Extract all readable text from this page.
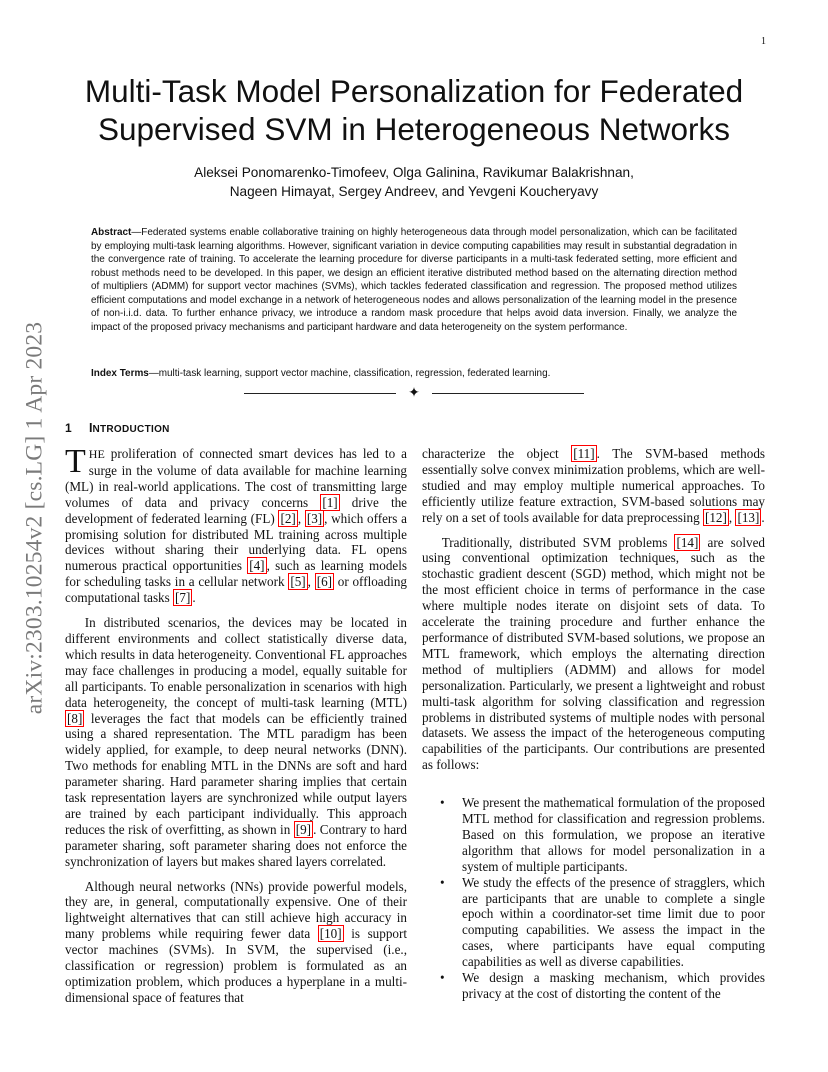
1
arXiv:2303.10254v2 [cs.LG] 1 Apr 2023
Multi-Task Model Personalization for Federated
Supervised SVM in Heterogeneous Networks
Aleksei Ponomarenko-Timofeev, Olga Galinina, Ravikumar Balakrishnan,
Nageen Himayat, Sergey Andreev, and Yevgeni Koucheryavy

Abstract—Federated systems enable collaborative training on highly heterogeneous data through model personalization, which can be facilitated by employing multi-task learning algorithms. However, significant variation in device computing capabilities may result in substantial degradation in the convergence rate of training. To accelerate the learning procedure for diverse participants in a multi-task federated setting, more efficient and robust methods need to be developed. In this paper, we design an efficient iterative distributed method based on the alternating direction method of multipliers (ADMM) for support vector machines (SVMs), which tackles federated classification and regression. The proposed method utilizes efficient computations and model exchange in a network of heterogeneous nodes and allows personalization of the learning model in the presence of non-i.i.d. data. To further enhance privacy, we introduce a random mask procedure that helps avoid data inversion. Finally, we analyze the impact of the proposed privacy mechanisms and participant hardware and data heterogeneity on the system performance.

Index Terms—multi-task learning, support vector machine, classification, regression, federated learning.

✦
1 INTRODUCTION

THE proliferation of connected smart devices has led to a surge in the volume of data available for machine learning (ML) in real-world applications. The cost of transmitting large volumes of data and privacy concerns [1] drive the development of federated learning (FL) [2] , [3] , which offers a promising solution for distributed ML training across multiple devices without sharing their underlying data. FL opens numerous practical opportunities [4] , such as learning models for scheduling tasks in a cellular network [5] , [6] or offloading computational tasks [7] .

In distributed scenarios, the devices may be located in different environments and collect statistically diverse data, which results in data heterogeneity. Conventional FL approaches may face challenges in producing a model, equally suitable for all participants. To enable personalization in scenarios with high data heterogeneity, the concept of multi-task learning (MTL) [8] leverages the fact that models can be efficiently trained using a shared representation. The MTL paradigm has been widely applied, for example, to deep neural networks (DNN). Two methods for enabling MTL in the DNNs are soft and hard parameter sharing. Hard parameter sharing implies that certain task representation layers are synchronized while output layers are trained by each participant individually. This approach reduces the risk of overfitting, as shown in [9] . Contrary to hard parameter sharing, soft parameter sharing does not enforce the synchronization of layers but makes shared layers correlated.

Although neural networks (NNs) provide powerful models, they are, in general, computationally expensive. One of their lightweight alternatives that can still achieve high accuracy in many problems while requiring fewer data [10] is support vector machines (SVMs). In SVM, the supervised (i.e., classification or regression) problem is formulated as an optimization problem, which produces a hyperplane in a multi-dimensional space of features that

characterize the object [11] . The SVM-based methods essentially solve convex minimization problems, which are well-studied and may employ multiple numerical approaches. To efficiently utilize feature extraction, SVM-based solutions may rely on a set of tools available for data preprocessing [12] , [13] .

Traditionally, distributed SVM problems [14] are solved using conventional optimization techniques, such as the stochastic gradient descent (SGD) method, which might not be the most efficient choice in terms of performance in the case where multiple nodes iterate on disjoint sets of data. To accelerate the training procedure and further enhance the performance of distributed SVM-based solutions, we propose an MTL framework, which employs the alternating direction method of multipliers (ADMM) and allows for model personalization. Particularly, we present a lightweight and robust multi-task algorithm for solving classification and regression problems in distributed systems of multiple nodes with personal datasets. We assess the impact of the heterogeneous computing capabilities of the participants. Our contributions are presented as follows:

• We present the mathematical formulation of the proposed MTL method for classification and regression problems. Based on this formulation, we propose an iterative algorithm that allows for model personalization in a system of multiple participants.
• We study the effects of the presence of stragglers, which are participants that are unable to complete a single epoch within a coordinator-set time limit due to poor computing capabilities. We assess the impact in the cases, where participants have equal computing capabilities as well as diverse capabilities.
• We design a masking mechanism, which provides privacy at the cost of distorting the content of the
